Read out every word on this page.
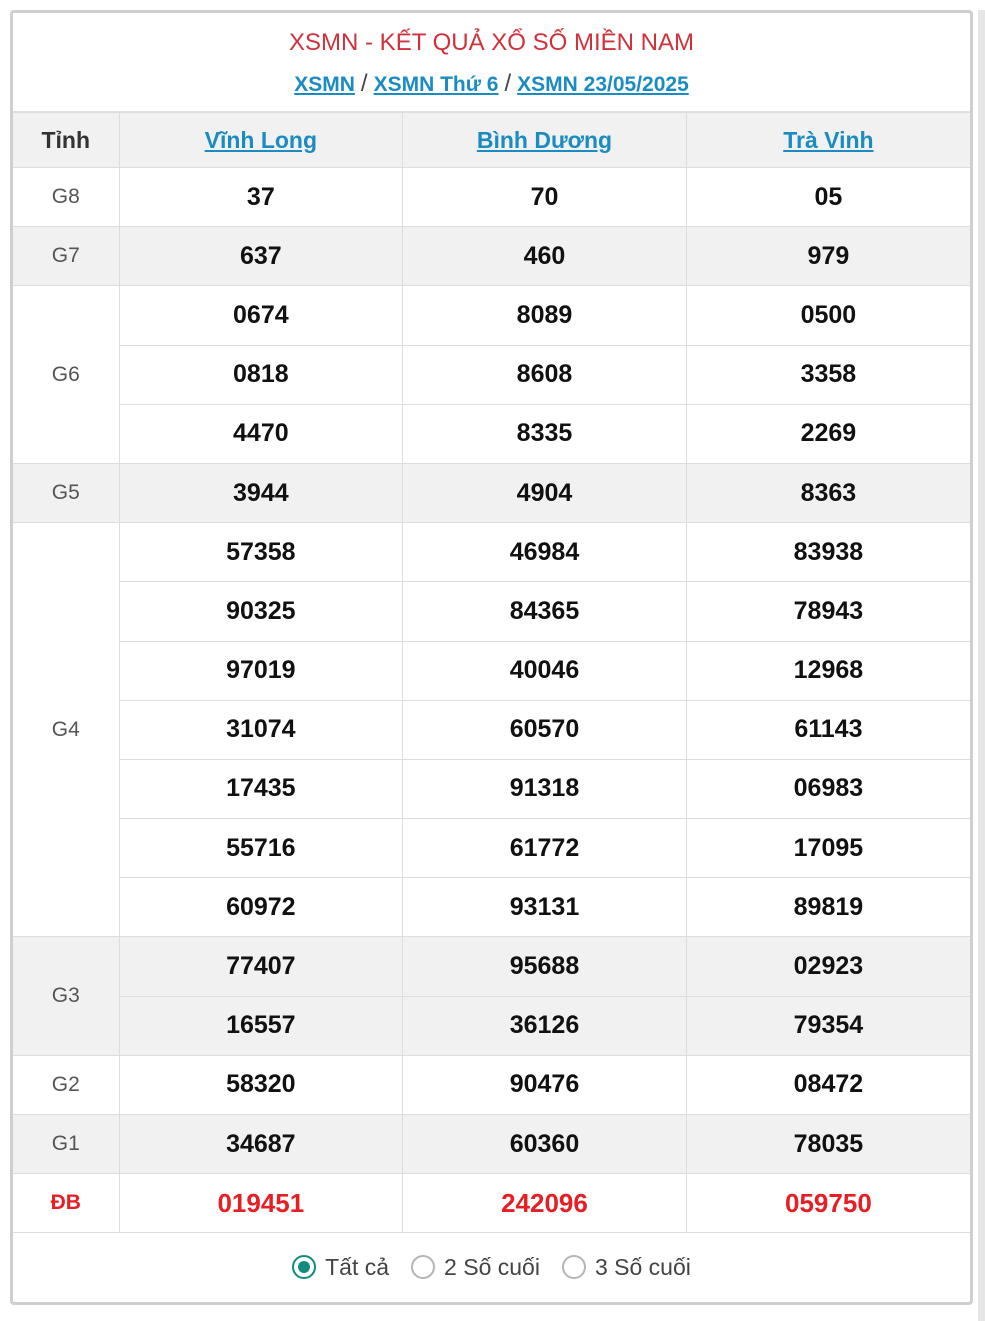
XSMN - KẾT QUẢ XỔ SỐ MIỀN NAM
XSMN / XSMN Thứ 6 / XSMN 23/05/2025
Tỉnh	Vĩnh Long	Bình Dương	Trà Vinh
G8	37	70	05
G7	637	460	979
G6	0674	8089	0500
	0818	8608	3358
	4470	8335	2269
G5	3944	4904	8363
G4	57358	46984	83938
	90325	84365	78943
	97019	40046	12968
	31074	60570	61143
	17435	91318	06983
	55716	61772	17095
	60972	93131	89819
G3	77407	95688	02923
	16557	36126	79354
G2	58320	90476	08472
G1	34687	60360	78035
ĐB	019451	242096	059750
Tất cả 2 Số cuối 3 Số cuối
